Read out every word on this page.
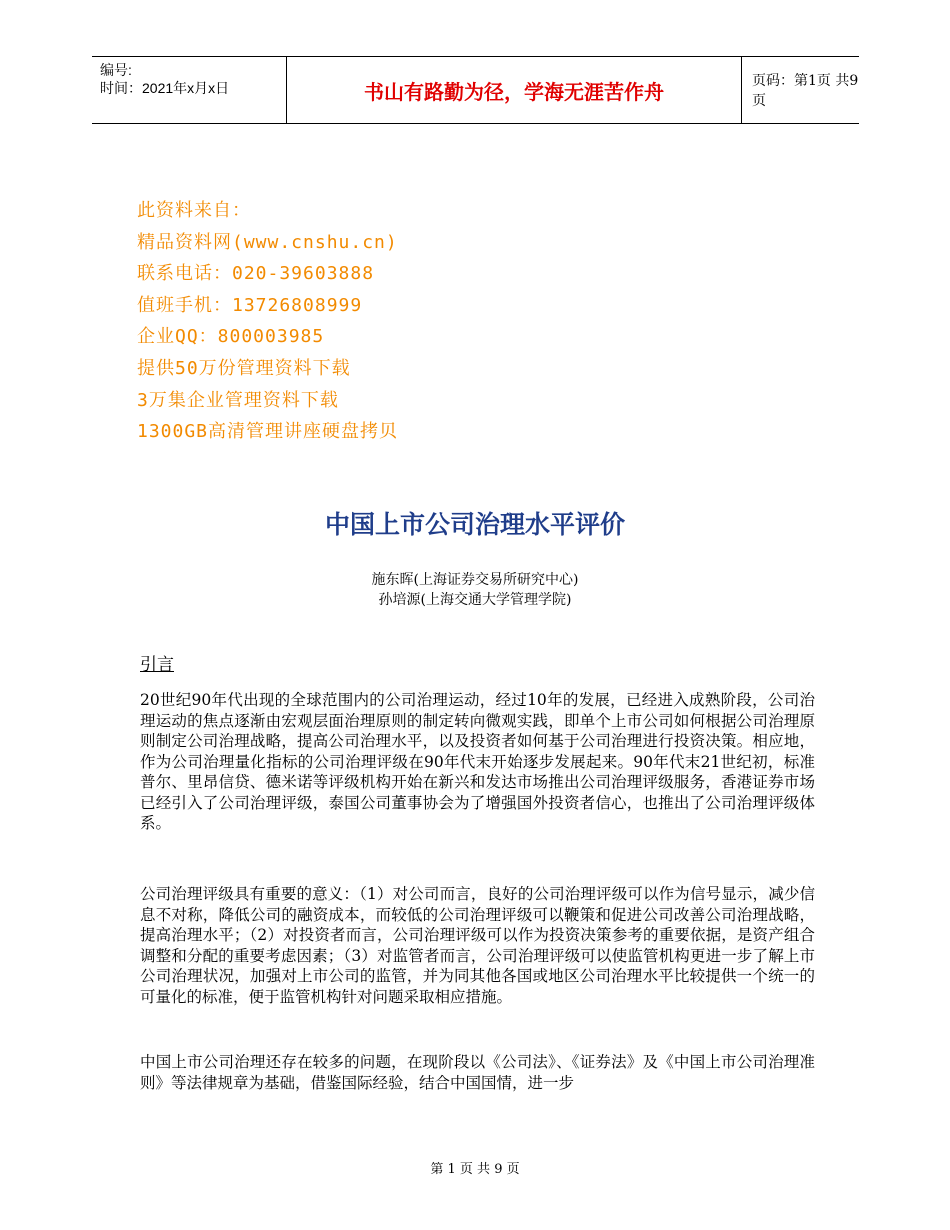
编号:
时间：2021年x月x日	书山有路勤为径，学海无涯苦作舟	页码：第1页 共9页
此资料来自：
精品资料网(www.cnshu.cn)
联系电话：020-39603888
值班手机：13726808999
企业QQ：800003985
提供50万份管理资料下载
3万集企业管理资料下载
1300GB高清管理讲座硬盘拷贝
中国上市公司治理水平评价
施东晖(上海证券交易所研究中心)
孙培源(上海交通大学管理学院)
引言
20世纪90年代出现的全球范围内的公司治理运动，经过10年的发展，已经进入成熟阶段，公司治理运动的焦点逐渐由宏观层面治理原则的制定转向微观实践，即单个上市公司如何根据公司治理原则制定公司治理战略，提高公司治理水平，以及投资者如何基于公司治理进行投资决策。相应地，作为公司治理量化指标的公司治理评级在90年代末开始逐步发展起来。90年代末21世纪初，标准普尔、里昂信贷、德米诺等评级机构开始在新兴和发达市场推出公司治理评级服务，香港证券市场已经引入了公司治理评级，泰国公司董事协会为了增强国外投资者信心，也推出了公司治理评级体系。
公司治理评级具有重要的意义：（1）对公司而言，良好的公司治理评级可以作为信号显示，减少信息不对称，降低公司的融资成本，而较低的公司治理评级可以鞭策和促进公司改善公司治理战略，提高治理水平；（2）对投资者而言，公司治理评级可以作为投资决策参考的重要依据，是资产组合调整和分配的重要考虑因素；（3）对监管者而言，公司治理评级可以使监管机构更进一步了解上市公司治理状况，加强对上市公司的监管，并为同其他各国或地区公司治理水平比较提供一个统一的可量化的标准，便于监管机构针对问题采取相应措施。
中国上市公司治理还存在较多的问题，在现阶段以《公司法》、《证券法》及《中国上市公司治理准则》等法律规章为基础，借鉴国际经验，结合中国国情，进一步
第 1 页 共 9 页
